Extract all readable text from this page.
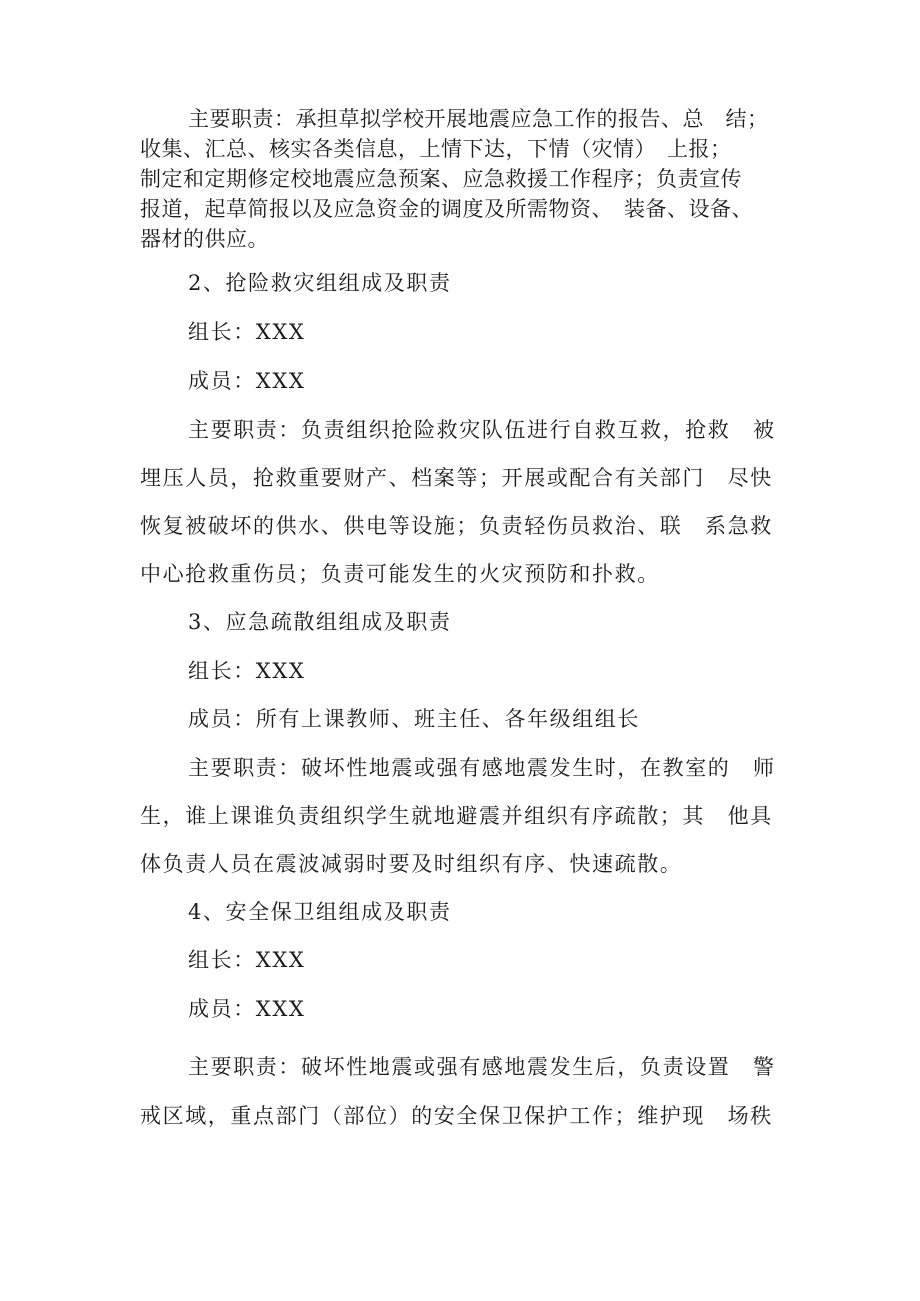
主要职责：承担草拟学校开展地震应急工作的报告、总　结；
收集、汇总、核实各类信息，上情下达，下情（灾情）　上报；
制定和定期修定校地震应急预案、应急救援工作程序；负责宣传
报道，起草简报以及应急资金的调度及所需物资、　装备、设备、
器材的供应。
2、抢险救灾组组成及职责
组长：XXX
成员：XXX
主要职责：负责组织抢险救灾队伍进行自救互救，抢救　被
埋压人员，抢救重要财产、档案等；开展或配合有关部门　尽快
恢复被破坏的供水、供电等设施；负责轻伤员救治、联　系急救
中心抢救重伤员；负责可能发生的火灾预防和扑救。
3、应急疏散组组成及职责
组长：XXX
成员：所有上课教师、班主任、各年级组组长
主要职责：破坏性地震或强有感地震发生时，在教室的　师
生，谁上课谁负责组织学生就地避震并组织有序疏散；其　他具
体负责人员在震波减弱时要及时组织有序、快速疏散。
4、安全保卫组组成及职责
组长：XXX
成员：XXX
主要职责：破坏性地震或强有感地震发生后，负责设置　警
戒区域，重点部门（部位）的安全保卫保护工作；维护现　场秩
